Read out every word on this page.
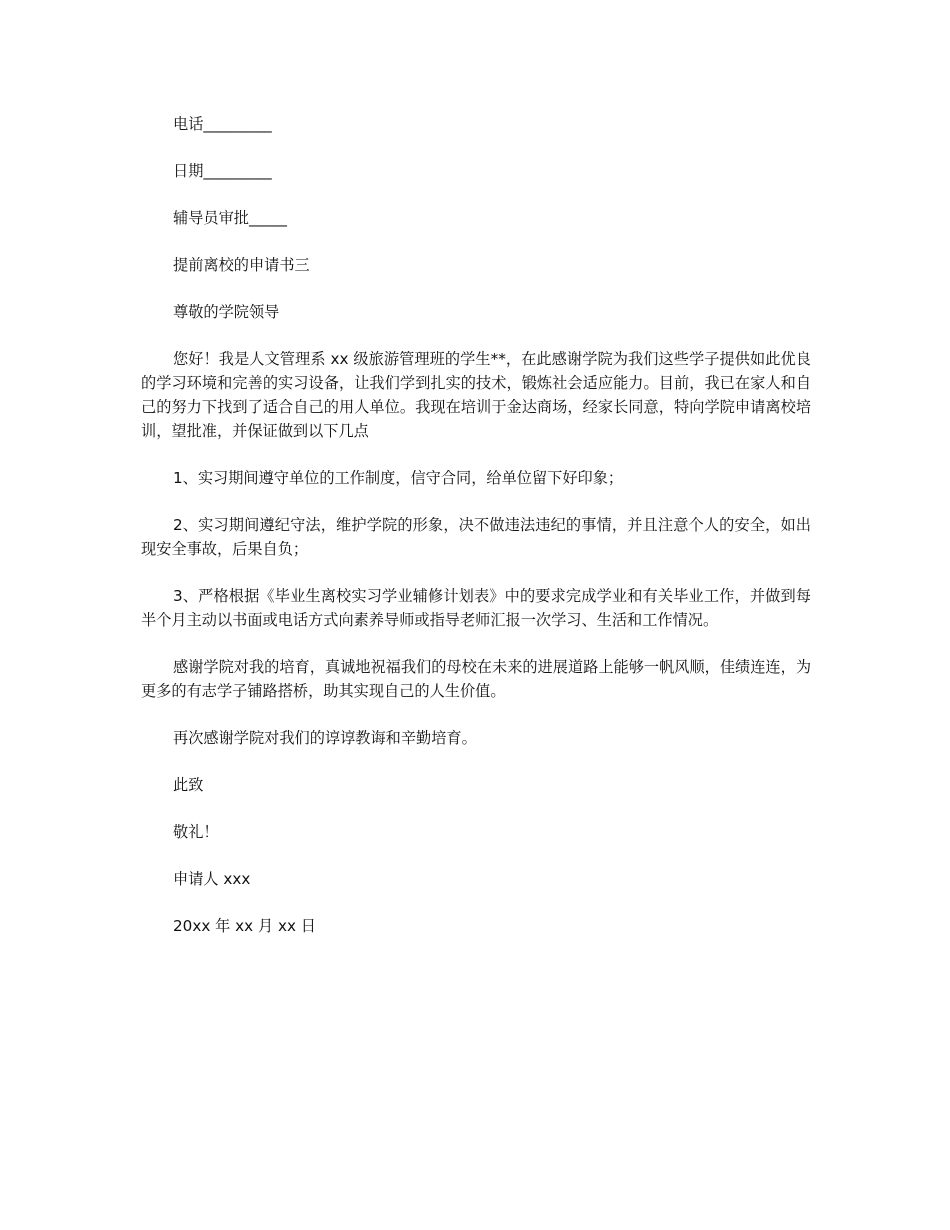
电话_________

日期_________

辅导员审批_____

提前离校的申请书三

尊敬的学院领导

您好！我是人文管理系 xx 级旅游管理班的学生**，在此感谢学院为我们这些学子提供如此优良的学习环境和完善的实习设备，让我们学到扎实的技术，锻炼社会适应能力。目前，我已在家人和自己的努力下找到了适合自己的用人单位。我现在培训于金达商场，经家长同意，特向学院申请离校培训，望批准，并保证做到以下几点

1、实习期间遵守单位的工作制度，信守合同，给单位留下好印象；

2、实习期间遵纪守法，维护学院的形象，决不做违法违纪的事情，并且注意个人的安全，如出现安全事故，后果自负；

3、严格根据《毕业生离校实习学业辅修计划表》中的要求完成学业和有关毕业工作，并做到每半个月主动以书面或电话方式向素养导师或指导老师汇报一次学习、生活和工作情况。

感谢学院对我的培育，真诚地祝福我们的母校在未来的进展道路上能够一帆风顺，佳绩连连，为更多的有志学子铺路搭桥，助其实现自己的人生价值。

再次感谢学院对我们的谆谆教诲和辛勤培育。

此致

敬礼！

申请人 xxx

20xx 年 xx 月 xx 日
